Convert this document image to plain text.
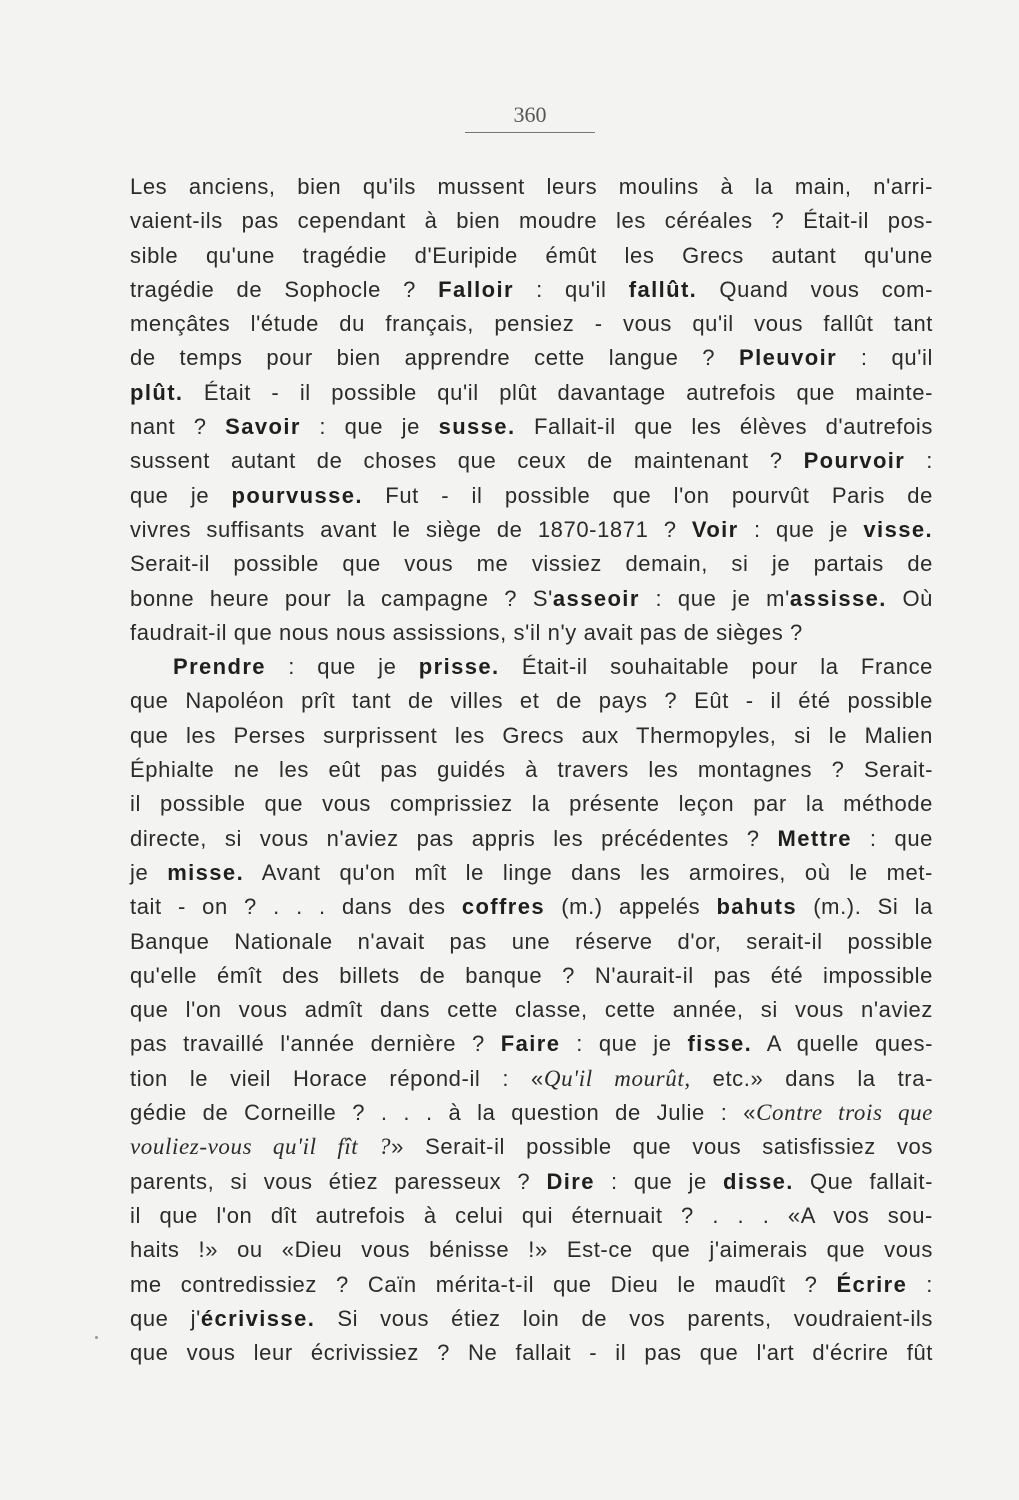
360
Les anciens, bien qu'ils mussent leurs moulins à la main, n'arri-
vaient-ils pas cependant à bien moudre les céréales ? Était-il pos-
sible qu'une tragédie d'Euripide émût les Grecs autant qu'une
tragédie de Sophocle ? Falloir : qu'il fallût. Quand vous com-
mençâtes l'étude du français, pensiez - vous qu'il vous fallût tant
de temps pour bien apprendre cette langue ? Pleuvoir : qu'il
plût. Était - il possible qu'il plût davantage autrefois que mainte-
nant ? Savoir : que je susse. Fallait-il que les élèves d'autrefois
sussent autant de choses que ceux de maintenant ? Pourvoir :
que je pourvusse. Fut - il possible que l'on pourvût Paris de
vivres suffisants avant le siège de 1870-1871 ? Voir : que je visse.
Serait-il possible que vous me vissiez demain, si je partais de
bonne heure pour la campagne ? S'asseoir : que je m'assisse. Où
faudrait-il que nous nous assissions, s'il n'y avait pas de sièges ?
Prendre : que je prisse. Était-il souhaitable pour la France
que Napoléon prît tant de villes et de pays ? Eût - il été possible
que les Perses surprissent les Grecs aux Thermopyles, si le Malien
Éphialte ne les eût pas guidés à travers les montagnes ? Serait-
il possible que vous comprissiez la présente leçon par la méthode
directe, si vous n'aviez pas appris les précédentes ? Mettre : que
je misse. Avant qu'on mît le linge dans les armoires, où le met-
tait - on ? . . . dans des coffres (m.) appelés bahuts (m.). Si la
Banque Nationale n'avait pas une réserve d'or, serait-il possible
qu'elle émît des billets de banque ? N'aurait-il pas été impossible
que l'on vous admît dans cette classe, cette année, si vous n'aviez
pas travaillé l'année dernière ? Faire : que je fisse. A quelle ques-
tion le vieil Horace répond-il : «Qu'il mourût, etc.» dans la tra-
gédie de Corneille ? . . . à la question de Julie : «Contre trois que
vouliez-vous qu'il fît ?» Serait-il possible que vous satisfissiez vos
parents, si vous étiez paresseux ? Dire : que je disse. Que fallait-
il que l'on dît autrefois à celui qui éternuait ? . . . «A vos sou-
haits !» ou «Dieu vous bénisse !» Est-ce que j'aimerais que vous
me contredissiez ? Caïn mérita-t-il que Dieu le maudît ? Écrire :
que j'écrivisse. Si vous étiez loin de vos parents, voudraient-ils
que vous leur écrivissiez ? Ne fallait - il pas que l'art d'écrire fût
